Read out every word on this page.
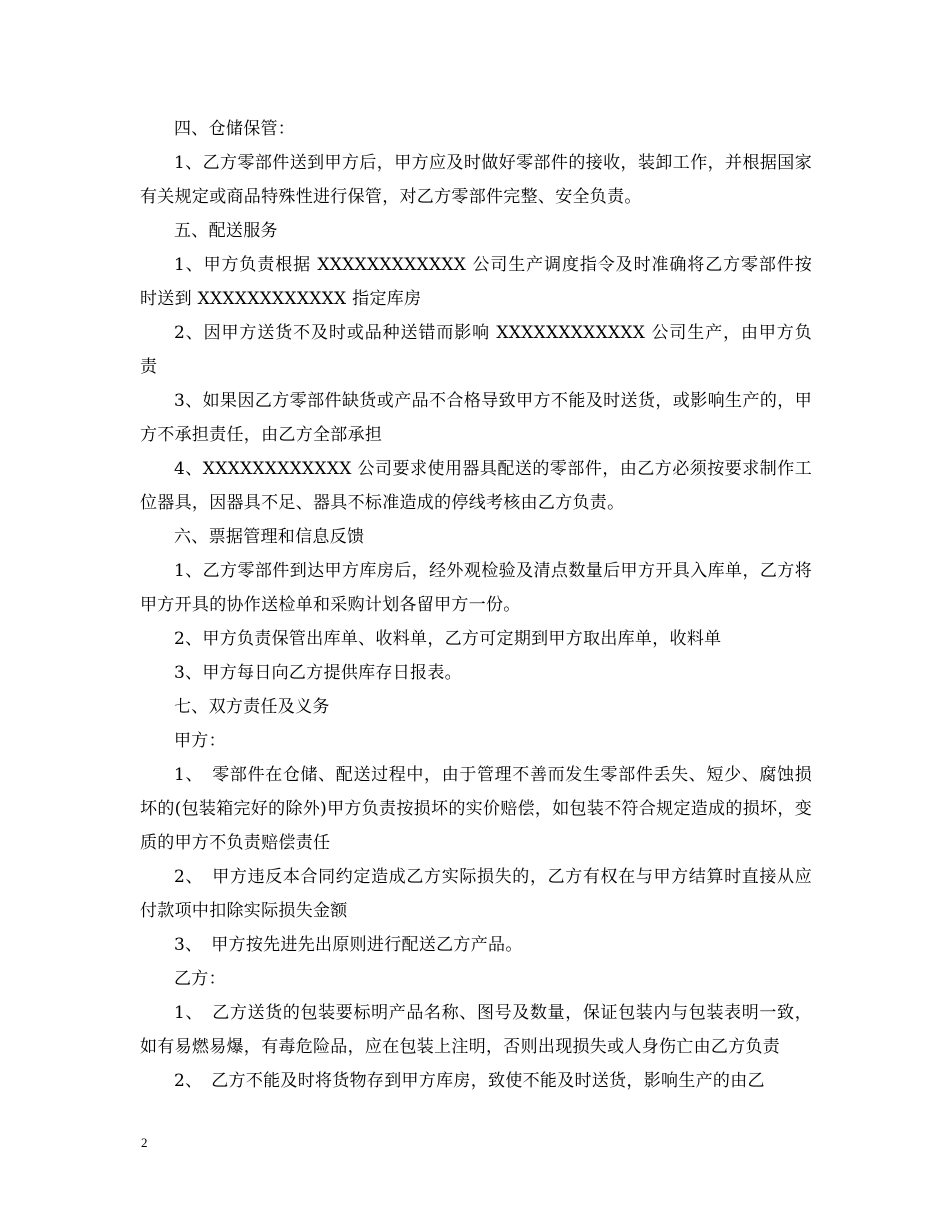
四、仓储保管：

1、乙方零部件送到甲方后，甲方应及时做好零部件的接收，装卸工作，并根据国家有关规定或商品特殊性进行保管，对乙方零部件完整、安全负责。

五、配送服务

1、甲方负责根据 XXXXXXXXXXXX 公司生产调度指令及时准确将乙方零部件按时送到 XXXXXXXXXXXX 指定库房

2、因甲方送货不及时或品种送错而影响 XXXXXXXXXXXX 公司生产，由甲方负责

3、如果因乙方零部件缺货或产品不合格导致甲方不能及时送货，或影响生产的，甲方不承担责任，由乙方全部承担

4、XXXXXXXXXXXX 公司要求使用器具配送的零部件，由乙方必须按要求制作工位器具，因器具不足、器具不标准造成的停线考核由乙方负责。

六、票据管理和信息反馈

1、乙方零部件到达甲方库房后，经外观检验及清点数量后甲方开具入库单，乙方将甲方开具的协作送检单和采购计划各留甲方一份。

2、甲方负责保管出库单、收料单，乙方可定期到甲方取出库单，收料单

3、甲方每日向乙方提供库存日报表。

七、双方责任及义务

甲方：

1、　零部件在仓储、配送过程中，由于管理不善而发生零部件丢失、短少、腐蚀损坏的(包装箱完好的除外)甲方负责按损坏的实价赔偿，如包装不符合规定造成的损坏，变质的甲方不负责赔偿责任

2、　甲方违反本合同约定造成乙方实际损失的，乙方有权在与甲方结算时直接从应付款项中扣除实际损失金额

3、　甲方按先进先出原则进行配送乙方产品。

乙方：

1、　乙方送货的包装要标明产品名称、图号及数量，保证包装内与包装表明一致，如有易燃易爆，有毒危险品，应在包装上注明，否则出现损失或人身伤亡由乙方负责

2、　乙方不能及时将货物存到甲方库房，致使不能及时送货，影响生产的由乙

2
